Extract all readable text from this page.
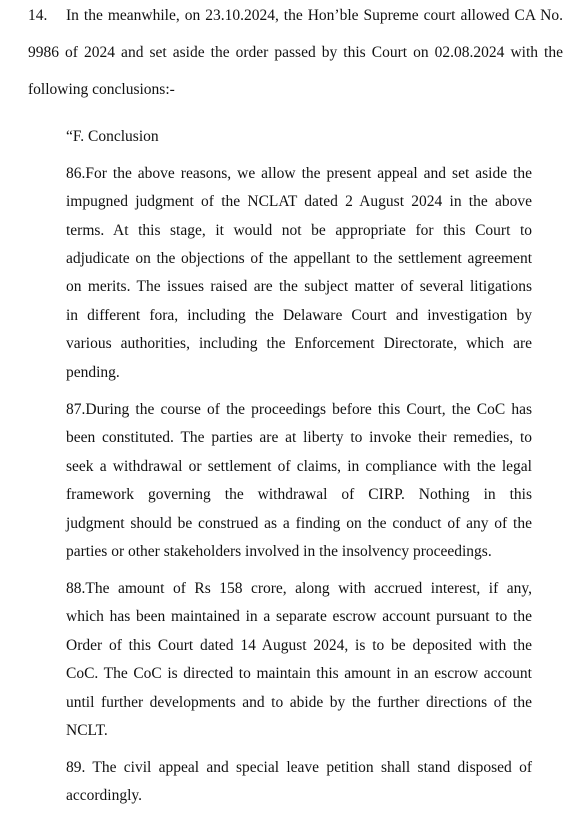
14. In the meanwhile, on 23.10.2024, the Hon’ble Supreme court allowed CA No.
9986 of 2024 and set aside the order passed by this Court on 02.08.2024 with the
following conclusions:-
“F. Conclusion
86.For the above reasons, we allow the present appeal and set aside the
impugned judgment of the NCLAT dated 2 August 2024 in the above
terms. At this stage, it would not be appropriate for this Court to
adjudicate on the objections of the appellant to the settlement agreement
on merits. The issues raised are the subject matter of several litigations
in different fora, including the Delaware Court and investigation by
various authorities, including the Enforcement Directorate, which are
pending.
87.During the course of the proceedings before this Court, the CoC has
been constituted. The parties are at liberty to invoke their remedies, to
seek a withdrawal or settlement of claims, in compliance with the legal
framework governing the withdrawal of CIRP. Nothing in this
judgment should be construed as a finding on the conduct of any of the
parties or other stakeholders involved in the insolvency proceedings.
88.The amount of Rs 158 crore, along with accrued interest, if any,
which has been maintained in a separate escrow account pursuant to the
Order of this Court dated 14 August 2024, is to be deposited with the
CoC. The CoC is directed to maintain this amount in an escrow account
until further developments and to abide by the further directions of the
NCLT.
89. The civil appeal and special leave petition shall stand disposed of
accordingly.
